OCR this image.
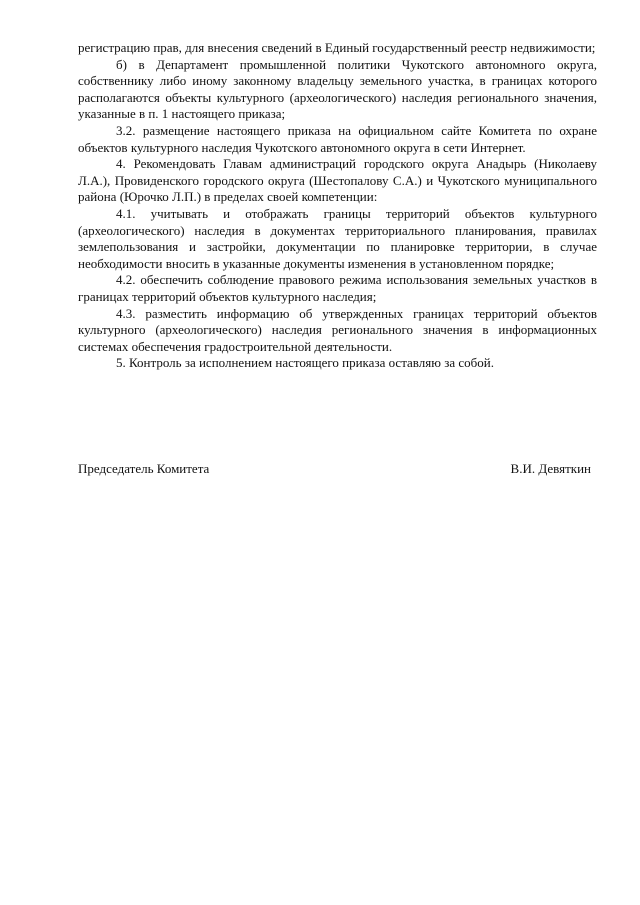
регистрацию прав, для внесения сведений в Единый государственный реестр недвижимости;

б) в Департамент промышленной политики Чукотского автономного округа, собственнику либо иному законному владельцу земельного участка, в границах которого располагаются объекты культурного (археологического) наследия регионального значения, указанные в п. 1 настоящего приказа;

3.2. размещение настоящего приказа на официальном сайте Комитета по охране объектов культурного наследия Чукотского автономного округа в сети Интернет.

4. Рекомендовать Главам администраций городского округа Анадырь (Николаеву Л.А.), Провиденского городского округа (Шестопалову С.А.) и Чукотского муниципального района (Юрочко Л.П.) в пределах своей компетенции:

4.1. учитывать и отображать границы территорий объектов культурного (археологического) наследия в документах территориального планирования, правилах землепользования и застройки, документации по планировке территории, в случае необходимости вносить в указанные документы изменения в установленном порядке;

4.2. обеспечить соблюдение правового режима использования земельных участков в границах территорий объектов культурного наследия;

4.3. разместить информацию об утвержденных границах территорий объектов культурного (археологического) наследия регионального значения в информационных системах обеспечения градостроительной деятельности.

5. Контроль за исполнением настоящего приказа оставляю за собой.

Председатель Комитета	В.И. Девяткин
